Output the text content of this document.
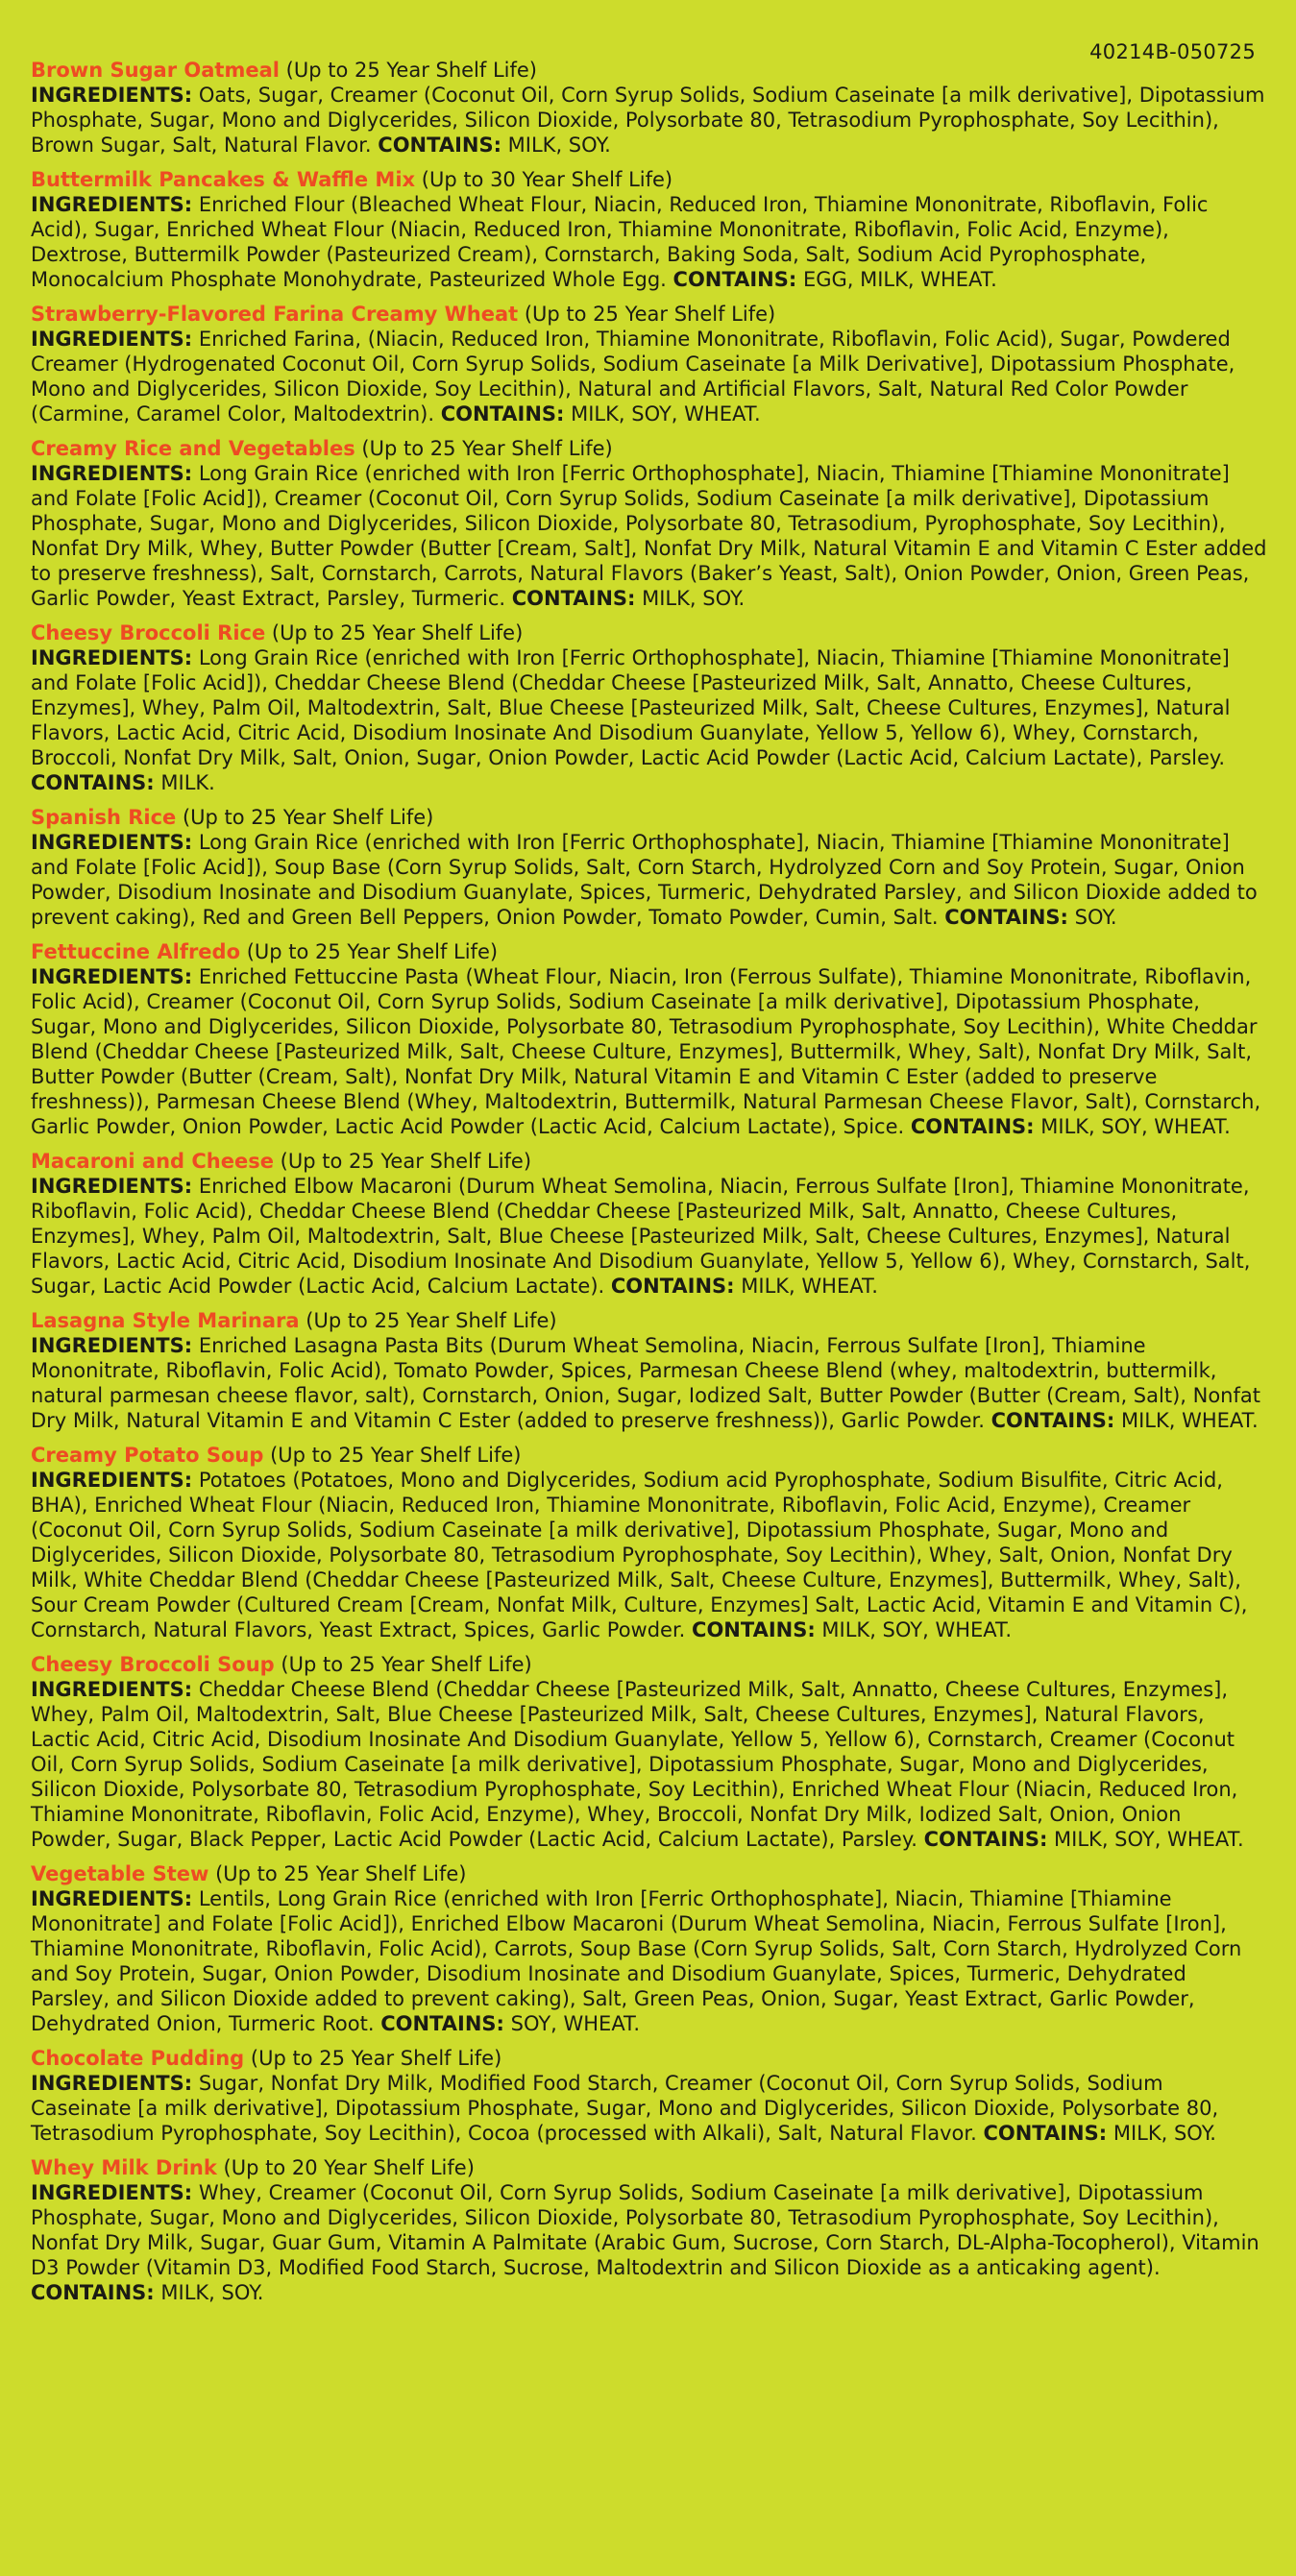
40214B-050725
Brown Sugar Oatmeal (Up to 25 Year Shelf Life)
INGREDIENTS: Oats, Sugar, Creamer (Coconut Oil, Corn Syrup Solids, Sodium Caseinate [a milk derivative], Dipotassium Phosphate, Sugar, Mono and Diglycerides, Silicon Dioxide, Polysorbate 80, Tetrasodium Pyrophosphate, Soy Lecithin), Brown Sugar, Salt, Natural Flavor. CONTAINS: MILK, SOY.
Buttermilk Pancakes & Waffle Mix (Up to 30 Year Shelf Life)
INGREDIENTS: Enriched Flour (Bleached Wheat Flour, Niacin, Reduced Iron, Thiamine Mononitrate, Riboflavin, Folic Acid), Sugar, Enriched Wheat Flour (Niacin, Reduced Iron, Thiamine Mononitrate, Riboflavin, Folic Acid, Enzyme), Dextrose, Buttermilk Powder (Pasteurized Cream), Cornstarch, Baking Soda, Salt, Sodium Acid Pyrophosphate, Monocalcium Phosphate Monohydrate, Pasteurized Whole Egg. CONTAINS: EGG, MILK, WHEAT.
Strawberry-Flavored Farina Creamy Wheat (Up to 25 Year Shelf Life)
INGREDIENTS: Enriched Farina, (Niacin, Reduced Iron, Thiamine Mononitrate, Riboflavin, Folic Acid), Sugar, Powdered Creamer (Hydrogenated Coconut Oil, Corn Syrup Solids, Sodium Caseinate [a Milk Derivative], Dipotassium Phosphate, Mono and Diglycerides, Silicon Dioxide, Soy Lecithin), Natural and Artificial Flavors, Salt, Natural Red Color Powder (Carmine, Caramel Color, Maltodextrin). CONTAINS: MILK, SOY, WHEAT.
Creamy Rice and Vegetables (Up to 25 Year Shelf Life)
INGREDIENTS: Long Grain Rice (enriched with Iron [Ferric Orthophosphate], Niacin, Thiamine [Thiamine Mononitrate] and Folate [Folic Acid]), Creamer (Coconut Oil, Corn Syrup Solids, Sodium Caseinate [a milk derivative], Dipotassium Phosphate, Sugar, Mono and Diglycerides, Silicon Dioxide, Polysorbate 80, Tetrasodium, Pyrophosphate, Soy Lecithin), Nonfat Dry Milk, Whey, Butter Powder (Butter [Cream, Salt], Nonfat Dry Milk, Natural Vitamin E and Vitamin C Ester added to preserve freshness), Salt, Cornstarch, Carrots, Natural Flavors (Baker’s Yeast, Salt), Onion Powder, Onion, Green Peas, Garlic Powder, Yeast Extract, Parsley, Turmeric. CONTAINS: MILK, SOY.
Cheesy Broccoli Rice (Up to 25 Year Shelf Life)
INGREDIENTS: Long Grain Rice (enriched with Iron [Ferric Orthophosphate], Niacin, Thiamine [Thiamine Mononitrate] and Folate [Folic Acid]), Cheddar Cheese Blend (Cheddar Cheese [Pasteurized Milk, Salt, Annatto, Cheese Cultures, Enzymes], Whey, Palm Oil, Maltodextrin, Salt, Blue Cheese [Pasteurized Milk, Salt, Cheese Cultures, Enzymes], Natural Flavors, Lactic Acid, Citric Acid, Disodium Inosinate And Disodium Guanylate, Yellow 5, Yellow 6), Whey, Cornstarch, Broccoli, Nonfat Dry Milk, Salt, Onion, Sugar, Onion Powder, Lactic Acid Powder (Lactic Acid, Calcium Lactate), Parsley. CONTAINS: MILK.
Spanish Rice (Up to 25 Year Shelf Life)
INGREDIENTS: Long Grain Rice (enriched with Iron [Ferric Orthophosphate], Niacin, Thiamine [Thiamine Mononitrate] and Folate [Folic Acid]), Soup Base (Corn Syrup Solids, Salt, Corn Starch, Hydrolyzed Corn and Soy Protein, Sugar, Onion Powder, Disodium Inosinate and Disodium Guanylate, Spices, Turmeric, Dehydrated Parsley, and Silicon Dioxide added to prevent caking), Red and Green Bell Peppers, Onion Powder, Tomato Powder, Cumin, Salt. CONTAINS: SOY.
Fettuccine Alfredo (Up to 25 Year Shelf Life)
INGREDIENTS: Enriched Fettuccine Pasta (Wheat Flour, Niacin, Iron (Ferrous Sulfate), Thiamine Mononitrate, Riboflavin, Folic Acid), Creamer (Coconut Oil, Corn Syrup Solids, Sodium Caseinate [a milk derivative], Dipotassium Phosphate, Sugar, Mono and Diglycerides, Silicon Dioxide, Polysorbate 80, Tetrasodium Pyrophosphate, Soy Lecithin), White Cheddar Blend (Cheddar Cheese [Pasteurized Milk, Salt, Cheese Culture, Enzymes], Buttermilk, Whey, Salt), Nonfat Dry Milk, Salt, Butter Powder (Butter (Cream, Salt), Nonfat Dry Milk, Natural Vitamin E and Vitamin C Ester (added to preserve freshness)), Parmesan Cheese Blend (Whey, Maltodextrin, Buttermilk, Natural Parmesan Cheese Flavor, Salt), Cornstarch, Garlic Powder, Onion Powder, Lactic Acid Powder (Lactic Acid, Calcium Lactate), Spice. CONTAINS: MILK, SOY, WHEAT.
Macaroni and Cheese (Up to 25 Year Shelf Life)
INGREDIENTS: Enriched Elbow Macaroni (Durum Wheat Semolina, Niacin, Ferrous Sulfate [Iron], Thiamine Mononitrate, Riboflavin, Folic Acid), Cheddar Cheese Blend (Cheddar Cheese [Pasteurized Milk, Salt, Annatto, Cheese Cultures, Enzymes], Whey, Palm Oil, Maltodextrin, Salt, Blue Cheese [Pasteurized Milk, Salt, Cheese Cultures, Enzymes], Natural Flavors, Lactic Acid, Citric Acid, Disodium Inosinate And Disodium Guanylate, Yellow 5, Yellow 6), Whey, Cornstarch, Salt, Sugar, Lactic Acid Powder (Lactic Acid, Calcium Lactate). CONTAINS: MILK, WHEAT.
Lasagna Style Marinara (Up to 25 Year Shelf Life)
INGREDIENTS: Enriched Lasagna Pasta Bits (Durum Wheat Semolina, Niacin, Ferrous Sulfate [Iron], Thiamine Mononitrate, Riboflavin, Folic Acid), Tomato Powder, Spices, Parmesan Cheese Blend (whey, maltodextrin, buttermilk, natural parmesan cheese flavor, salt), Cornstarch, Onion, Sugar, Iodized Salt, Butter Powder (Butter (Cream, Salt), Nonfat Dry Milk, Natural Vitamin E and Vitamin C Ester (added to preserve freshness)), Garlic Powder. CONTAINS: MILK, WHEAT.
Creamy Potato Soup (Up to 25 Year Shelf Life)
INGREDIENTS: Potatoes (Potatoes, Mono and Diglycerides, Sodium acid Pyrophosphate, Sodium Bisulfite, Citric Acid, BHA), Enriched Wheat Flour (Niacin, Reduced Iron, Thiamine Mononitrate, Riboflavin, Folic Acid, Enzyme), Creamer (Coconut Oil, Corn Syrup Solids, Sodium Caseinate [a milk derivative], Dipotassium Phosphate, Sugar, Mono and Diglycerides, Silicon Dioxide, Polysorbate 80, Tetrasodium Pyrophosphate, Soy Lecithin), Whey, Salt, Onion, Nonfat Dry Milk, White Cheddar Blend (Cheddar Cheese [Pasteurized Milk, Salt, Cheese Culture, Enzymes], Buttermilk, Whey, Salt), Sour Cream Powder (Cultured Cream [Cream, Nonfat Milk, Culture, Enzymes] Salt, Lactic Acid, Vitamin E and Vitamin C), Cornstarch, Natural Flavors, Yeast Extract, Spices, Garlic Powder. CONTAINS: MILK, SOY, WHEAT.
Cheesy Broccoli Soup (Up to 25 Year Shelf Life)
INGREDIENTS: Cheddar Cheese Blend (Cheddar Cheese [Pasteurized Milk, Salt, Annatto, Cheese Cultures, Enzymes], Whey, Palm Oil, Maltodextrin, Salt, Blue Cheese [Pasteurized Milk, Salt, Cheese Cultures, Enzymes], Natural Flavors, Lactic Acid, Citric Acid, Disodium Inosinate And Disodium Guanylate, Yellow 5, Yellow 6), Cornstarch, Creamer (Coconut Oil, Corn Syrup Solids, Sodium Caseinate [a milk derivative], Dipotassium Phosphate, Sugar, Mono and Diglycerides, Silicon Dioxide, Polysorbate 80, Tetrasodium Pyrophosphate, Soy Lecithin), Enriched Wheat Flour (Niacin, Reduced Iron, Thiamine Mononitrate, Riboflavin, Folic Acid, Enzyme), Whey, Broccoli, Nonfat Dry Milk, Iodized Salt, Onion, Onion Powder, Sugar, Black Pepper, Lactic Acid Powder (Lactic Acid, Calcium Lactate), Parsley. CONTAINS: MILK, SOY, WHEAT.
Vegetable Stew (Up to 25 Year Shelf Life)
INGREDIENTS: Lentils, Long Grain Rice (enriched with Iron [Ferric Orthophosphate], Niacin, Thiamine [Thiamine Mononitrate] and Folate [Folic Acid]), Enriched Elbow Macaroni (Durum Wheat Semolina, Niacin, Ferrous Sulfate [Iron], Thiamine Mononitrate, Riboflavin, Folic Acid), Carrots, Soup Base (Corn Syrup Solids, Salt, Corn Starch, Hydrolyzed Corn and Soy Protein, Sugar, Onion Powder, Disodium Inosinate and Disodium Guanylate, Spices, Turmeric, Dehydrated Parsley, and Silicon Dioxide added to prevent caking), Salt, Green Peas, Onion, Sugar, Yeast Extract, Garlic Powder, Dehydrated Onion, Turmeric Root. CONTAINS: SOY, WHEAT.
Chocolate Pudding (Up to 25 Year Shelf Life)
INGREDIENTS: Sugar, Nonfat Dry Milk, Modified Food Starch, Creamer (Coconut Oil, Corn Syrup Solids, Sodium Caseinate [a milk derivative], Dipotassium Phosphate, Sugar, Mono and Diglycerides, Silicon Dioxide, Polysorbate 80, Tetrasodium Pyrophosphate, Soy Lecithin), Cocoa (processed with Alkali), Salt, Natural Flavor. CONTAINS: MILK, SOY.
Whey Milk Drink (Up to 20 Year Shelf Life)
INGREDIENTS: Whey, Creamer (Coconut Oil, Corn Syrup Solids, Sodium Caseinate [a milk derivative], Dipotassium Phosphate, Sugar, Mono and Diglycerides, Silicon Dioxide, Polysorbate 80, Tetrasodium Pyrophosphate, Soy Lecithin), Nonfat Dry Milk, Sugar, Guar Gum, Vitamin A Palmitate (Arabic Gum, Sucrose, Corn Starch, DL-Alpha-Tocopherol), Vitamin D3 Powder (Vitamin D3, Modified Food Starch, Sucrose, Maltodextrin and Silicon Dioxide as a anticaking agent). CONTAINS: MILK, SOY.
